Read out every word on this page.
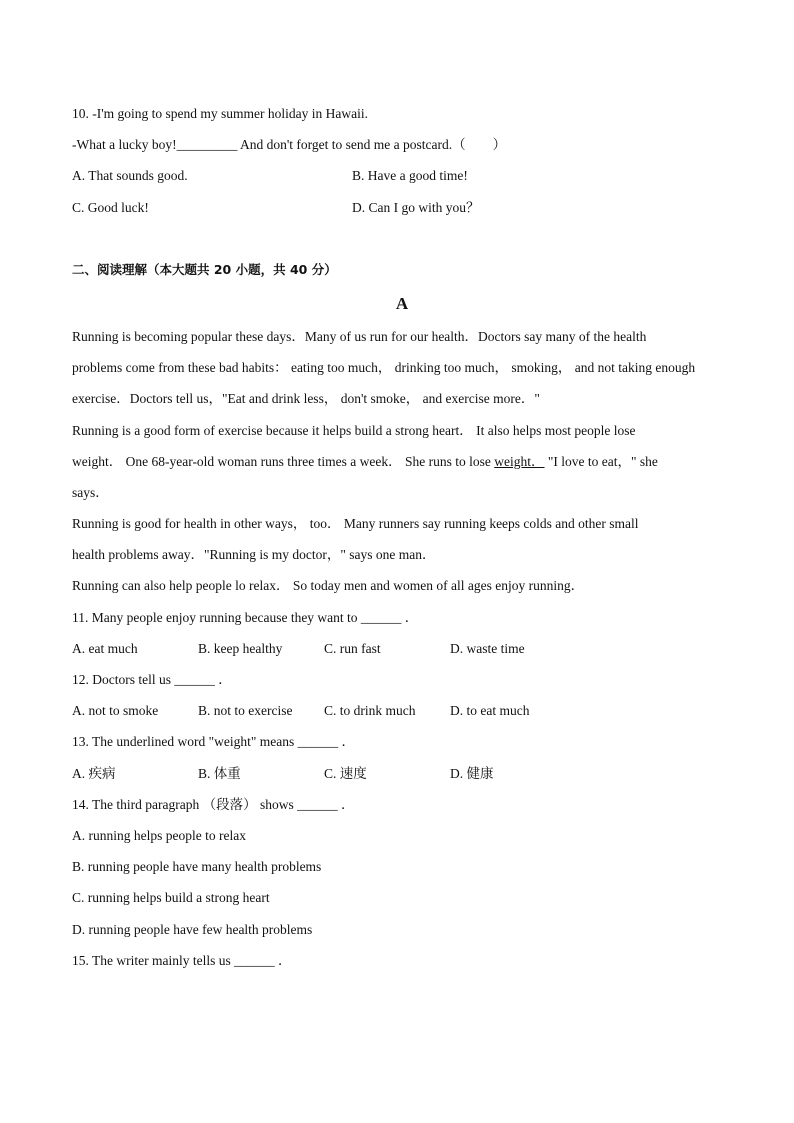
10. -I'm going to spend my summer holiday in Hawaii.
-What a lucky boy!_________ And don't forget to send me a postcard.（　　）
A. That sounds good.	B. Have a good time!
C. Good luck!	D. Can I go with you？
二、阅读理解（本大题共 20 小题，共 40 分）
A
Running is becoming popular these days．Many of us run for our health．Doctors say many of the health
problems come from these bad habits： eating too much， drinking too much， smoking， and not taking enough
exercise．Doctors tell us，"Eat and drink less， don't smoke， and exercise more．"
Running is a good form of exercise because it helps build a strong heart． It also helps most people lose
weight． One 68-year-old woman runs three times a week． She runs to lose weight． "I love to eat，" she
says．
Running is good for health in other ways， too． Many runners say running keeps colds and other small
health problems away．"Running is my doctor，" says one man．
Running can also help people lo relax． So today men and women of all ages enjoy running．
11. Many people enjoy running because they want to ______ ．
A. eat much	B. keep healthy	C. run fast	D. waste time
12. Doctors tell us ______ ．
A. not to smoke	B. not to exercise	C. to drink much	D. to eat much
13. The underlined word "weight" means ______ ．
A. 疾病	B. 体重	C. 速度	D. 健康
14. The third paragraph （段落） shows ______ ．
A. running helps people to relax
B. running people have many health problems
C. running helps build a strong heart
D. running people have few health problems
15. The writer mainly tells us ______ ．
